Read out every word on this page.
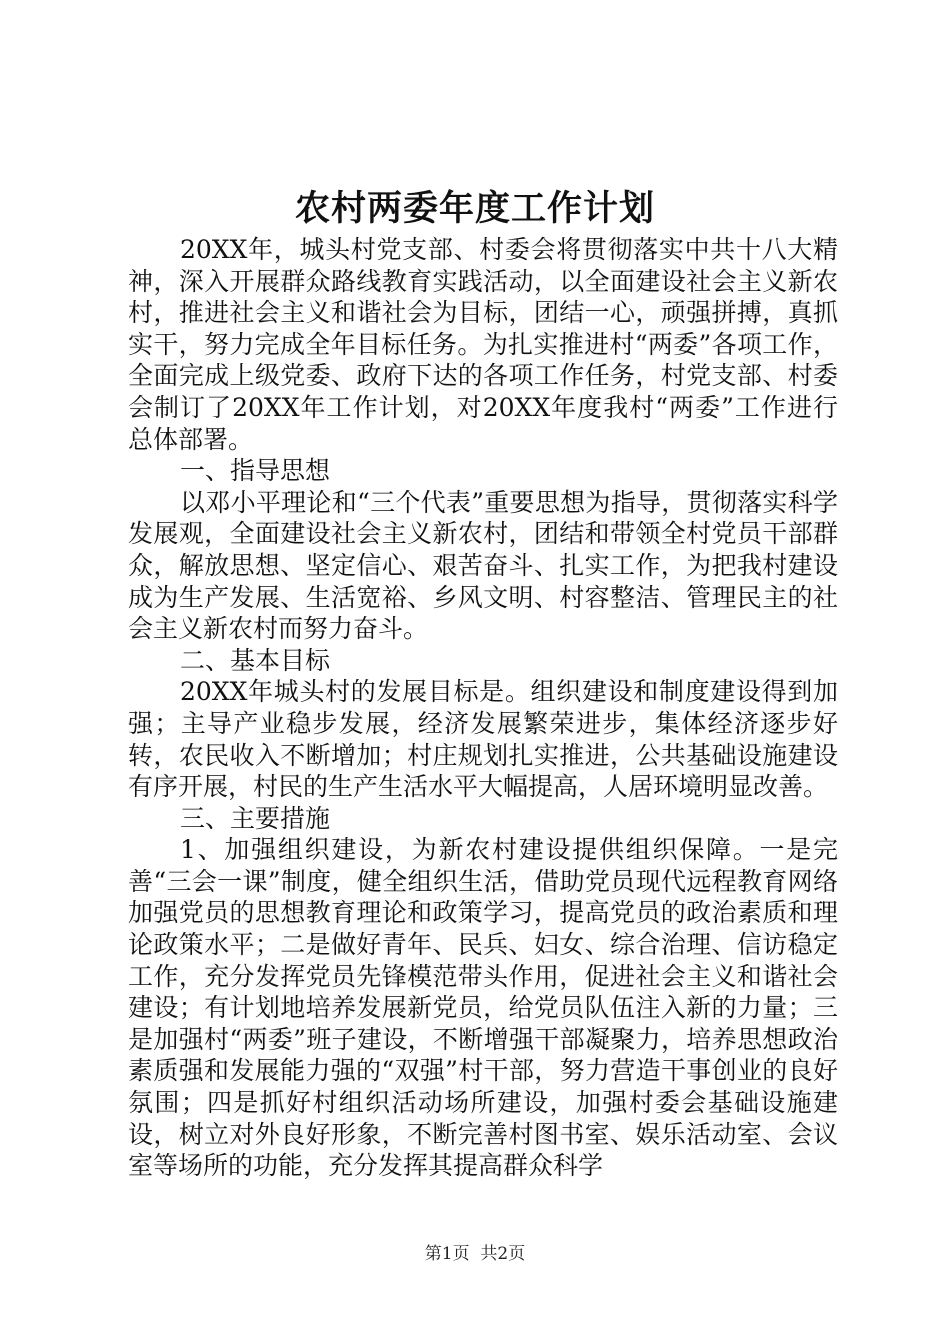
农村两委年度工作计划

20XX年，城头村党支部、村委会将贯彻落实中共十八大精神，深入开展群众路线教育实践活动，以全面建设社会主义新农村，推进社会主义和谐社会为目标，团结一心，顽强拼搏，真抓实干，努力完成全年目标任务。为扎实推进村“两委”各项工作，全面完成上级党委、政府下达的各项工作任务，村党支部、村委会制订了20XX年工作计划，对20XX年度我村“两委”工作进行总体部署。

一、指导思想

以邓小平理论和“三个代表”重要思想为指导，贯彻落实科学发展观，全面建设社会主义新农村，团结和带领全村党员干部群众，解放思想、坚定信心、艰苦奋斗、扎实工作，为把我村建设成为生产发展、生活宽裕、乡风文明、村容整洁、管理民主的社会主义新农村而努力奋斗。

二、基本目标

20XX年城头村的发展目标是。组织建设和制度建设得到加强；主导产业稳步发展，经济发展繁荣进步，集体经济逐步好转，农民收入不断增加；村庄规划扎实推进，公共基础设施建设有序开展，村民的生产生活水平大幅提高，人居环境明显改善。

三、主要措施

1、加强组织建设，为新农村建设提供组织保障。一是完善“三会一课”制度，健全组织生活，借助党员现代远程教育网络加强党员的思想教育理论和政策学习，提高党员的政治素质和理论政策水平；二是做好青年、民兵、妇女、综合治理、信访稳定工作，充分发挥党员先锋模范带头作用，促进社会主义和谐社会建设；有计划地培养发展新党员，给党员队伍注入新的力量；三是加强村“两委”班子建设，不断增强干部凝聚力，培养思想政治素质强和发展能力强的“双强”村干部，努力营造干事创业的良好氛围；四是抓好村组织活动场所建设，加强村委会基础设施建设，树立对外良好形象，不断完善村图书室、娱乐活动室、会议室等场所的功能，充分发挥其提高群众科学

第1页  共2页
